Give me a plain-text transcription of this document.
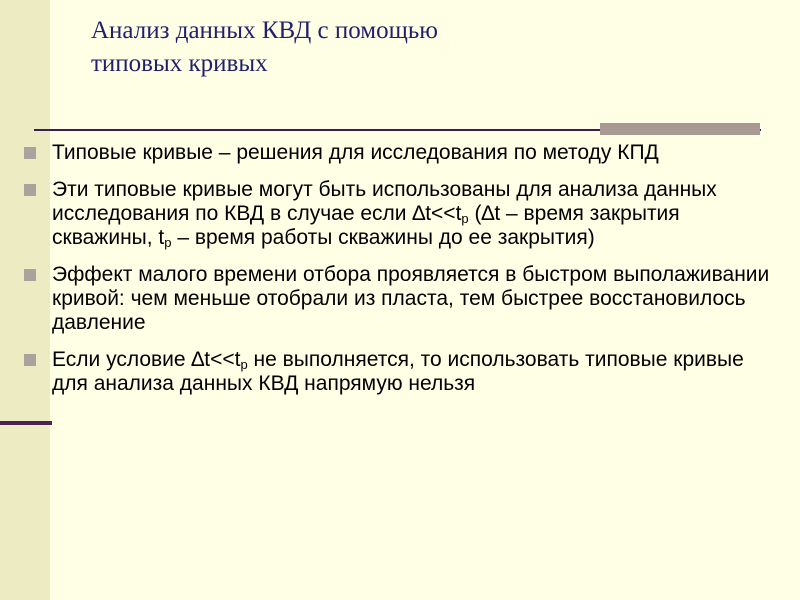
Анализ данных КВД с помощью
типовых кривых
Типовые кривые – решения для исследования по методу КПД
Эти типовые кривые могут быть использованы для анализа данных исследования по КВД в случае если $\Delta t<<t_p$ (∆t – время закрытия скважины, $t_p$ – время работы скважины до ее закрытия)
Эффект малого времени отбора проявляется в быстром выполаживании кривой: чем меньше отобрали из пласта, тем быстрее восстановилось давление
Если условие $\Delta t<<t_p$ не выполняется, то использовать типовые кривые для анализа данных КВД напрямую нельзя
